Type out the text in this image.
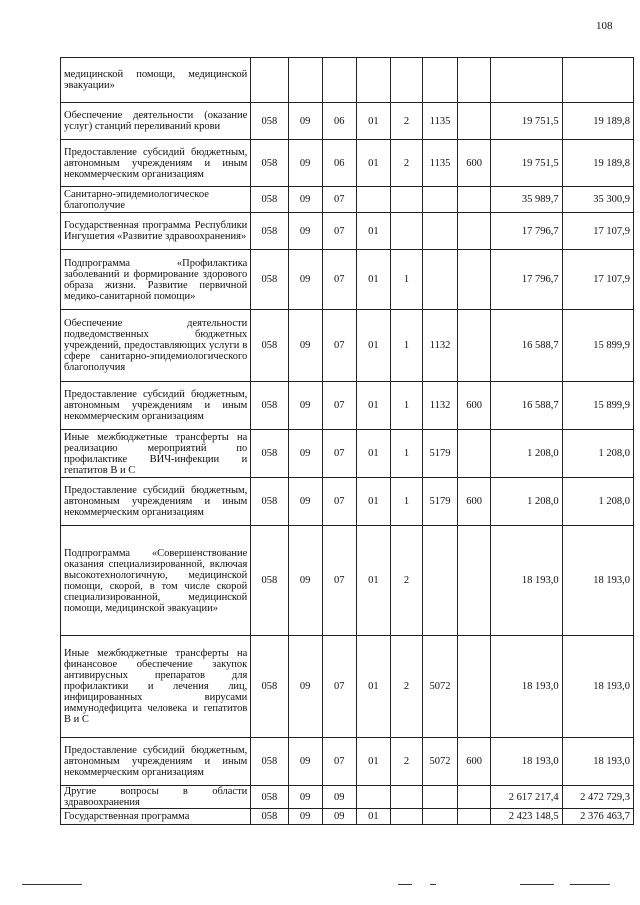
108
медицинской помощи, медицинской эвакуации»									
Обеспечение деятельности (оказание услуг) станций переливаний крови	058	09	06	01	2	1135		19 751,5	19 189,8
Предоставление субсидий бюджетным, автономным учреждениям и иным некоммерческим организациям	058	09	06	01	2	1135	600	19 751,5	19 189,8
Санитарно-эпидемиологическое благополучие	058	09	07					35 989,7	35 300,9
Государственная программа Республики Ингушетия «Развитие здравоохранения»	058	09	07	01				17 796,7	17 107,9
Подпрограмма «Профилактика заболеваний и формирование здорового образа жизни. Развитие первичной медико-санитарной помощи»	058	09	07	01	1			17 796,7	17 107,9
Обеспечение деятельности подведомственных бюджетных учреждений, предоставляющих услуги в сфере санитарно-эпидемиологического благополучия	058	09	07	01	1	1132		16 588,7	15 899,9
Предоставление субсидий бюджетным, автономным учреждениям и иным некоммерческим организациям	058	09	07	01	1	1132	600	16 588,7	15 899,9
Иные межбюджетные трансферты на реализацию мероприятий по профилактике ВИЧ-инфекции и гепатитов В и С	058	09	07	01	1	5179		1 208,0	1 208,0
Предоставление субсидий бюджетным, автономным учреждениям и иным некоммерческим организациям	058	09	07	01	1	5179	600	1 208,0	1 208,0
Подпрограмма «Совершенствование оказания специализированной, включая высокотехнологичную, медицинской помощи, скорой, в том числе скорой специализированной, медицинской помощи, медицинской эвакуации»	058	09	07	01	2			18 193,0	18 193,0
Иные межбюджетные трансферты на финансовое обеспечение закупок антивирусных препаратов для профилактики и лечения лиц, инфицированных вирусами иммунодефицита человека и гепатитов В и С	058	09	07	01	2	5072		18 193,0	18 193,0
Предоставление субсидий бюджетным, автономным учреждениям и иным некоммерческим организациям	058	09	07	01	2	5072	600	18 193,0	18 193,0
Другие вопросы в области здравоохранения	058	09	09					2 617 217,4	2 472 729,3
Государственная программа	058	09	09	01				2 423 148,5	2 376 463,7
